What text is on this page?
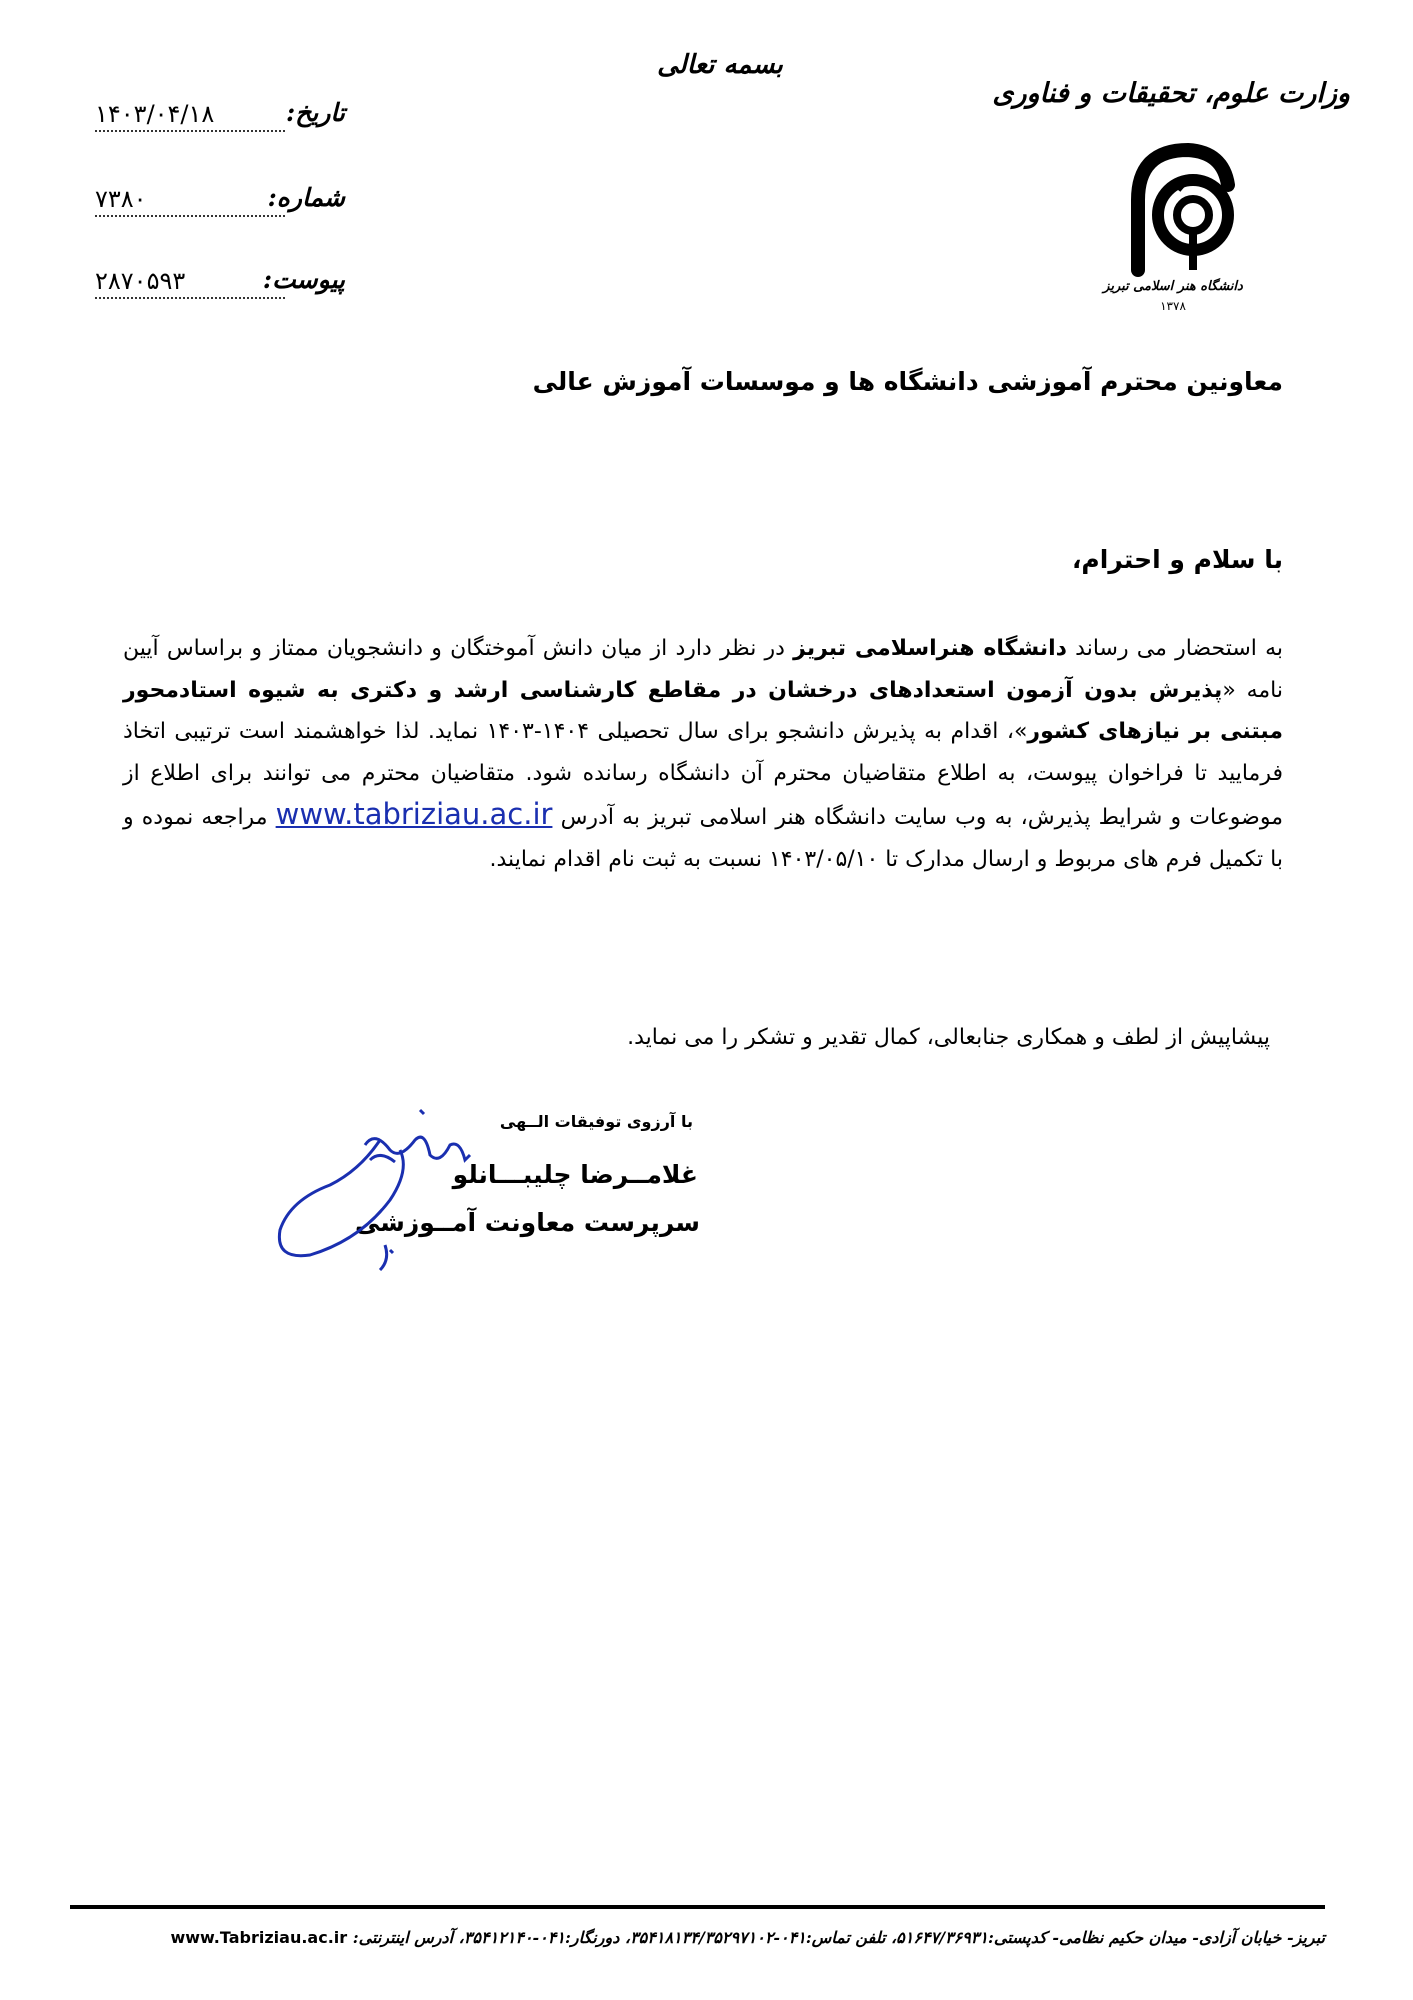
بسمه تعالی
وزارت علوم، تحقیقات و فناوری
دانشگاه هنر اسلامی تبریز
۱۳۷۸
تاریخ:
۱۴۰۳/۰۴/۱۸
شماره:
۷۳۸۰
پیوست:
۲۸۷۰۵۹۳
معاونین محترم آموزشی دانشگاه ها و موسسات آموزش عالی
با سلام و احترام،
به استحضار می رساند دانشگاه هنراسلامی تبریز در نظر دارد از میان دانش آموختگان و دانشجویان ممتاز و براساس آیین نامه «پذیرش بدون آزمون استعدادهای درخشان در مقاطع کارشناسی ارشد و دکتری به شیوه استادمحور مبتنی بر نیازهای کشور»، اقدام به پذیرش دانشجو برای سال تحصیلی ۱۴۰۴-۱۴۰۳ نماید. لذا خواهشمند است ترتیبی اتخاذ فرمایید تا فراخوان پیوست، به اطلاع متقاضیان محترم آن دانشگاه رسانده شود. متقاضیان محترم می توانند برای اطلاع از موضوعات و شرایط پذیرش، به وب سایت دانشگاه هنر اسلامی تبریز به آدرس www.tabriziau.ac.ir مراجعه نموده و با تکمیل فرم های مربوط و ارسال مدارک تا ۱۴۰۳/۰۵/۱۰ نسبت به ثبت نام اقدام نمایند.
پیشاپیش از لطف و همکاری جنابعالی، کمال تقدیر و تشکر را می نماید.
با آرزوی توفیقات الــهی
غلامــرضا چلیبـــانلو
سرپرست معاونت آمــوزشی
تبریز- خیابان آزادی- میدان حکیم نظامی- کدپستی:۵۱۶۴۷/۳۶۹۳۱، تلفن تماس:۰۴۱-۳۵۴۱۸۱۳۴/۳۵۲۹۷۱۰۲، دورنگار:۰۴۱-۳۵۴۱۲۱۴۰، آدرس اینترنتی: www.Tabriziau.ac.ir
